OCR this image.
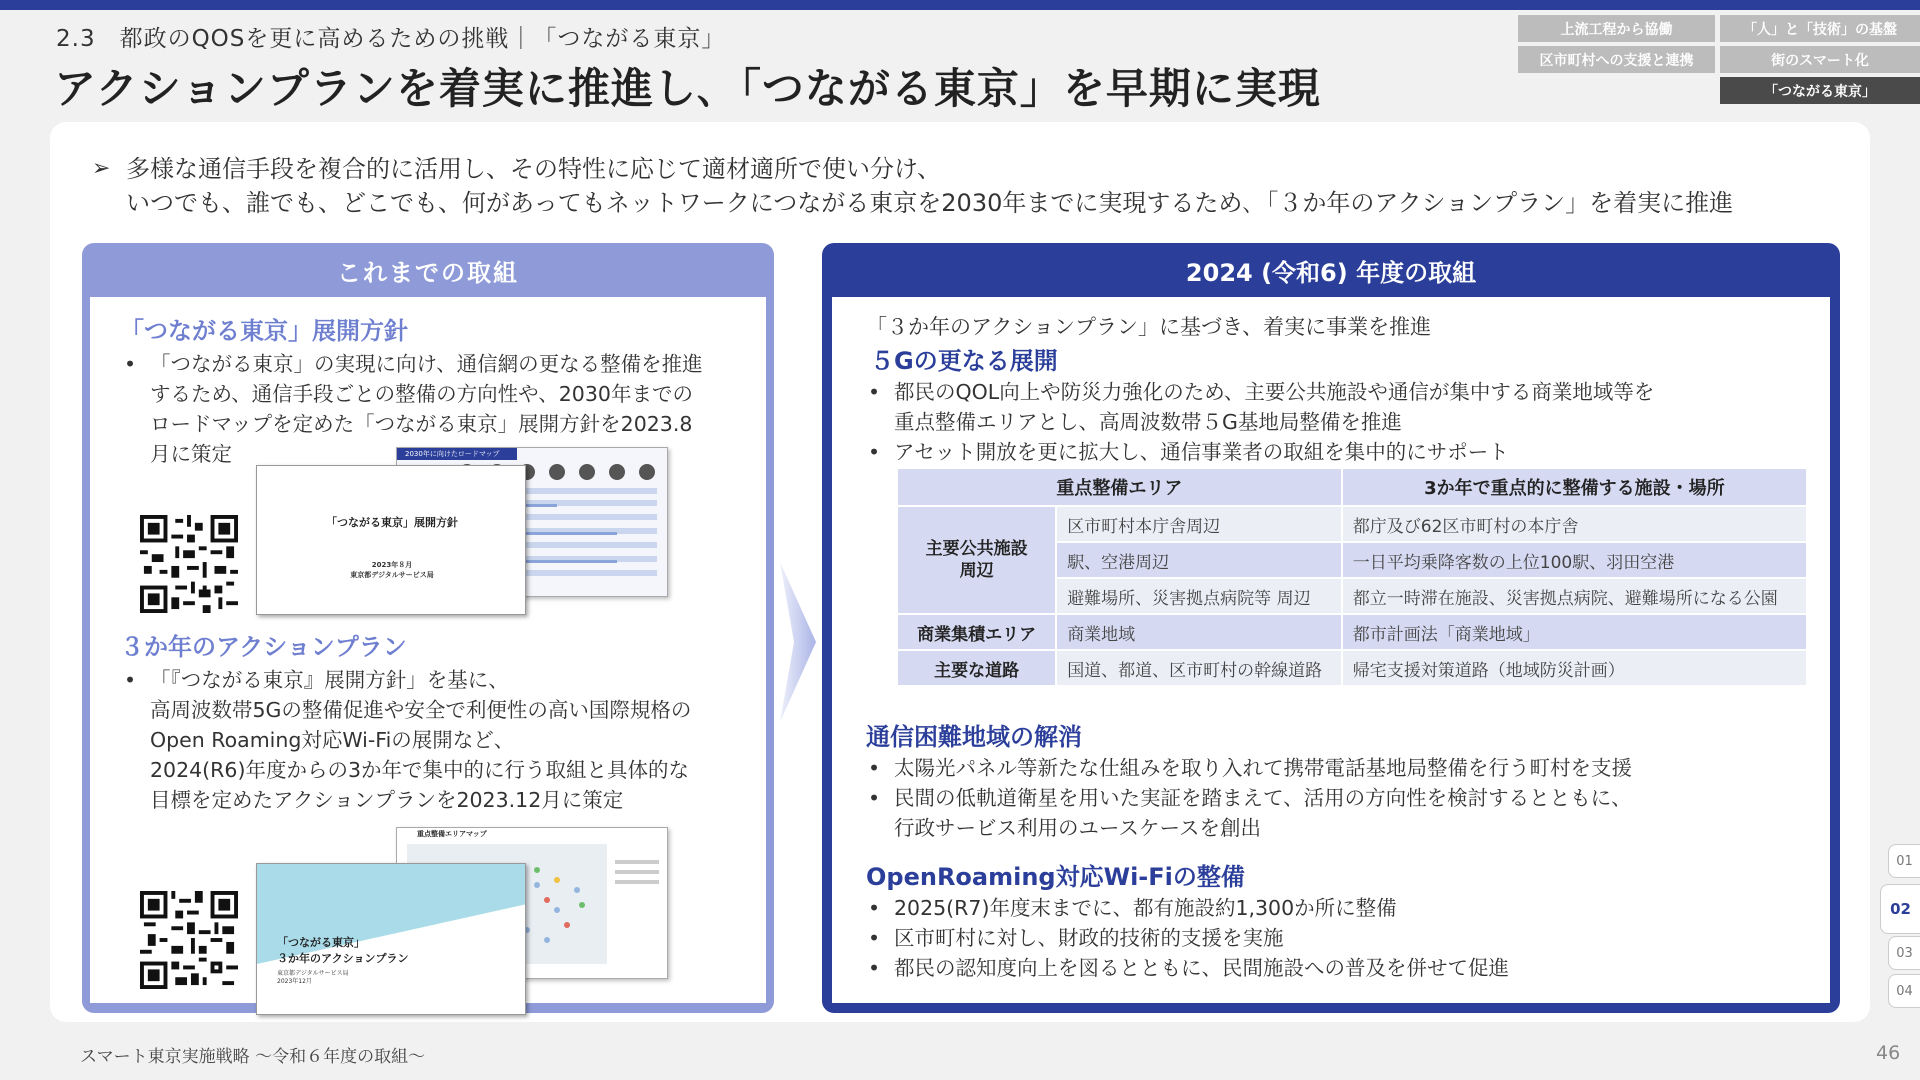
2.3　都政のQOSを更に高めるための挑戦｜「つながる東京」
アクションプランを着実に推進し､「つながる東京」を早期に実現
上流工程から協働	「人」と「技術」の基盤
区市町村への支援と連携	街のスマート化
「つながる東京」
➢ 多様な通信手段を複合的に活用し、その特性に応じて適材適所で使い分け、
いつでも、誰でも、どこでも、何があってもネットワークにつながる東京を2030年までに実現するため､「３か年のアクションプラン」を着実に推進
これまでの取組
「つながる東京」展開方針
• 「つながる東京」の実現に向け、通信網の更なる整備を推進
するため、通信手段ごとの整備の方向性や、2030年までの
ロードマップを定めた「つながる東京」展開方針を2023.8
月に策定	2030年に向けたロードマップ
「つながる東京」展開方針
2023年８月
東京都デジタルサービス局
３か年のアクションプラン
• 「『つながる東京』展開方針」を基に、
高周波数帯5Gの整備促進や安全で利便性の高い国際規格の
Open Roaming対応Wi-Fiの展開など、
2024(R6)年度からの3か年で集中的に行う取組と具体的な
目標を定めたアクションプランを2023.12月に策定
重点整備エリアマップ
「つながる東京」
３か年のアクションプラン
東京都デジタルサービス局
2023年12月
2024 (令和6) 年度の取組
「３か年のアクションプラン」に基づき、着実に事業を推進
５Gの更なる展開
• 都民のQOL向上や防災力強化のため、主要公共施設や通信が集中する商業地域等を
重点整備エリアとし、高周波数帯５G基地局整備を推進
• アセット開放を更に拡大し、通信事業者の取組を集中的にサポート
重点整備エリア		3か年で重点的に整備する施設・場所
主要公共施設
周辺	区市町村本庁舎周辺	都庁及び62区市町村の本庁舎
	駅、空港周辺	一日平均乗降客数の上位100駅、羽田空港
	避難場所、災害拠点病院等 周辺	都立一時滞在施設、災害拠点病院、避難場所になる公園
商業集積エリア	商業地域	都市計画法「商業地域」
主要な道路	国道、都道、区市町村の幹線道路	帰宅支援対策道路（地域防災計画）
通信困難地域の解消
• 太陽光パネル等新たな仕組みを取り入れて携帯電話基地局整備を行う町村を支援
• 民間の低軌道衛星を用いた実証を踏まえて、活用の方向性を検討するとともに、
行政サービス利用のユースケースを創出
OpenRoaming対応Wi-Fiの整備
• 2025(R7)年度末までに、都有施設約1,300か所に整備
• 区市町村に対し、財政的技術的支援を実施
• 都民の認知度向上を図るとともに、民間施設への普及を併せて促進
01
02
03
04
スマート東京実施戦略 ～令和６年度の取組～	46
